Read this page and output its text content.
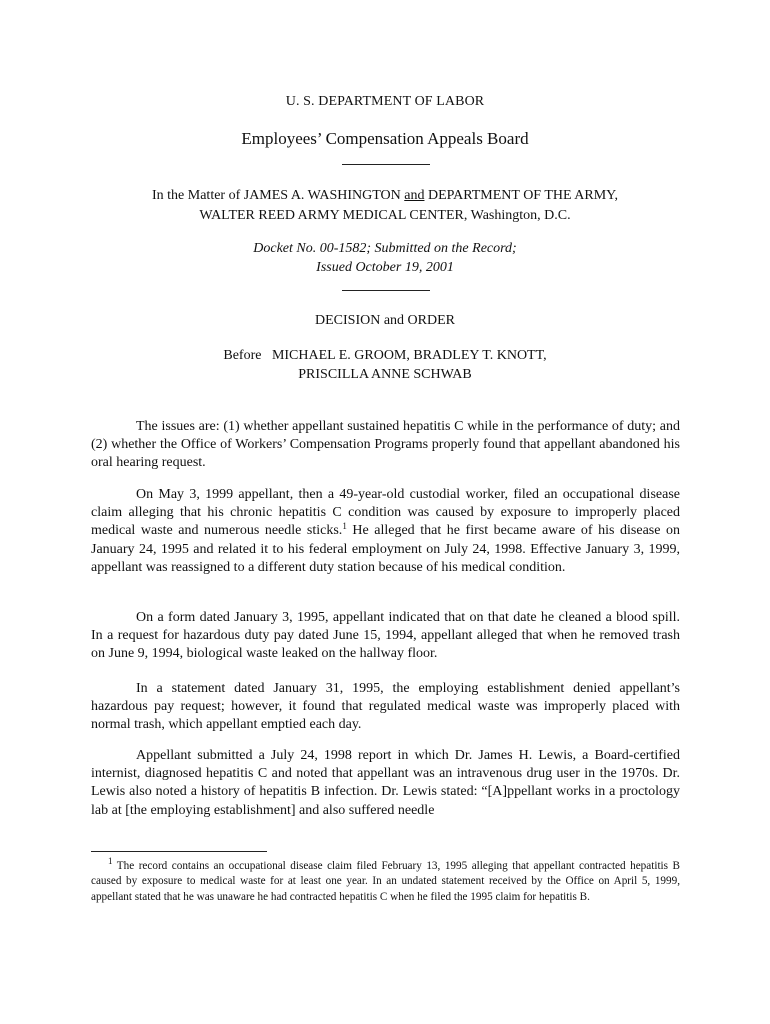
U. S. DEPARTMENT OF LABOR
Employees’ Compensation Appeals Board
In the Matter of JAMES A. WASHINGTON and DEPARTMENT OF THE ARMY,
WALTER REED ARMY MEDICAL CENTER, Washington, D.C.
Docket No. 00-1582; Submitted on the Record;
Issued October 19, 2001
DECISION and ORDER
Before   MICHAEL E. GROOM, BRADLEY T. KNOTT,
PRISCILLA ANNE SCHWAB

The issues are: (1) whether appellant sustained hepatitis C while in the performance of duty; and (2) whether the Office of Workers’ Compensation Programs properly found that appellant abandoned his oral hearing request.

On May 3, 1999 appellant, then a 49-year-old custodial worker, filed an occupational disease claim alleging that his chronic hepatitis C condition was caused by exposure to improperly placed medical waste and numerous needle sticks.$^1$ He alleged that he first became aware of his disease on January 24, 1995 and related it to his federal employment on July 24, 1998. Effective January 3, 1999, appellant was reassigned to a different duty station because of his medical condition.

On a form dated January 3, 1995, appellant indicated that on that date he cleaned a blood spill. In a request for hazardous duty pay dated June 15, 1994, appellant alleged that when he removed trash on June 9, 1994, biological waste leaked on the hallway floor.

In a statement dated January 31, 1995, the employing establishment denied appellant’s hazardous pay request; however, it found that regulated medical waste was improperly placed with normal trash, which appellant emptied each day.

Appellant submitted a July 24, 1998 report in which Dr. James H. Lewis, a Board-certified internist, diagnosed hepatitis C and noted that appellant was an intravenous drug user in the 1970s. Dr. Lewis also noted a history of hepatitis B infection. Dr. Lewis stated: “[A]ppellant works in a proctology lab at [the employing establishment] and also suffered needle

$^1$ The record contains an occupational disease claim filed February 13, 1995 alleging that appellant contracted hepatitis B caused by exposure to medical waste for at least one year. In an undated statement received by the Office on April 5, 1999, appellant stated that he was unaware he had contracted hepatitis C when he filed the 1995 claim for hepatitis B.
